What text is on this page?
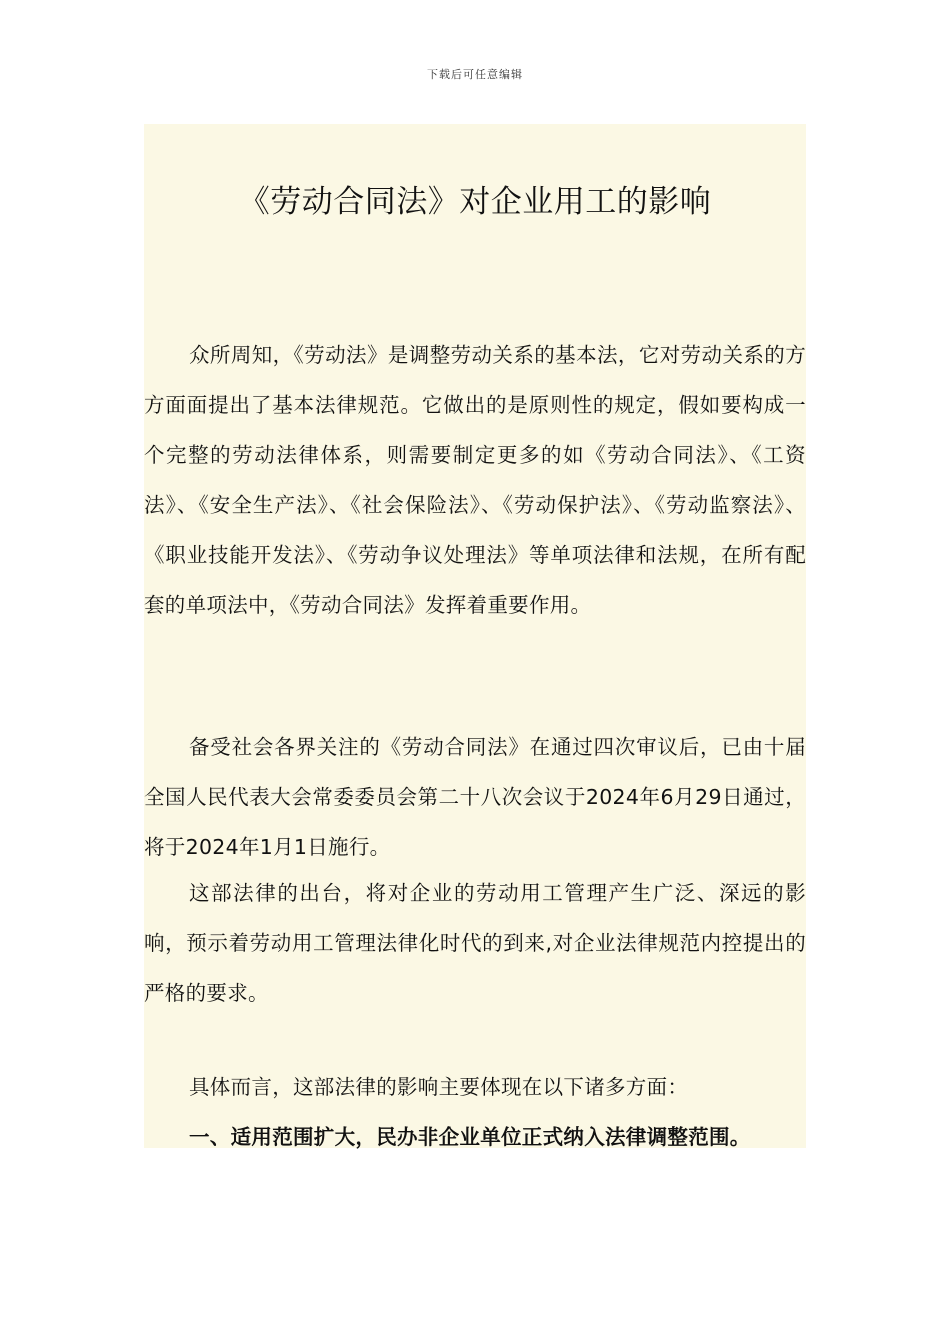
下载后可任意编辑
《劳动合同法》对企业用工的影响

众所周知，《劳动法》是调整劳动关系的基本法，它对劳动关系的方方面面提出了基本法律规范。它做出的是原则性的规定，假如要构成一个完整的劳动法律体系，则需要制定更多的如《劳动合同法》、《工资法》、《安全生产法》、《社会保险法》、《劳动保护法》、《劳动监察法》、《职业技能开发法》、《劳动争议处理法》等单项法律和法规，在所有配套的单项法中，《劳动合同法》发挥着重要作用。

备受社会各界关注的《劳动合同法》在通过四次审议后，已由十届全国人民代表大会常委委员会第二十八次会议于2024年6月29日通过，将于2024年1月1日施行。

这部法律的出台，将对企业的劳动用工管理产生广泛、深远的影响，预示着劳动用工管理法律化时代的到来,对企业法律规范内控提出的严格的要求。

具体而言，这部法律的影响主要体现在以下诸多方面：

一、适用范围扩大，民办非企业单位正式纳入法律调整范围。
